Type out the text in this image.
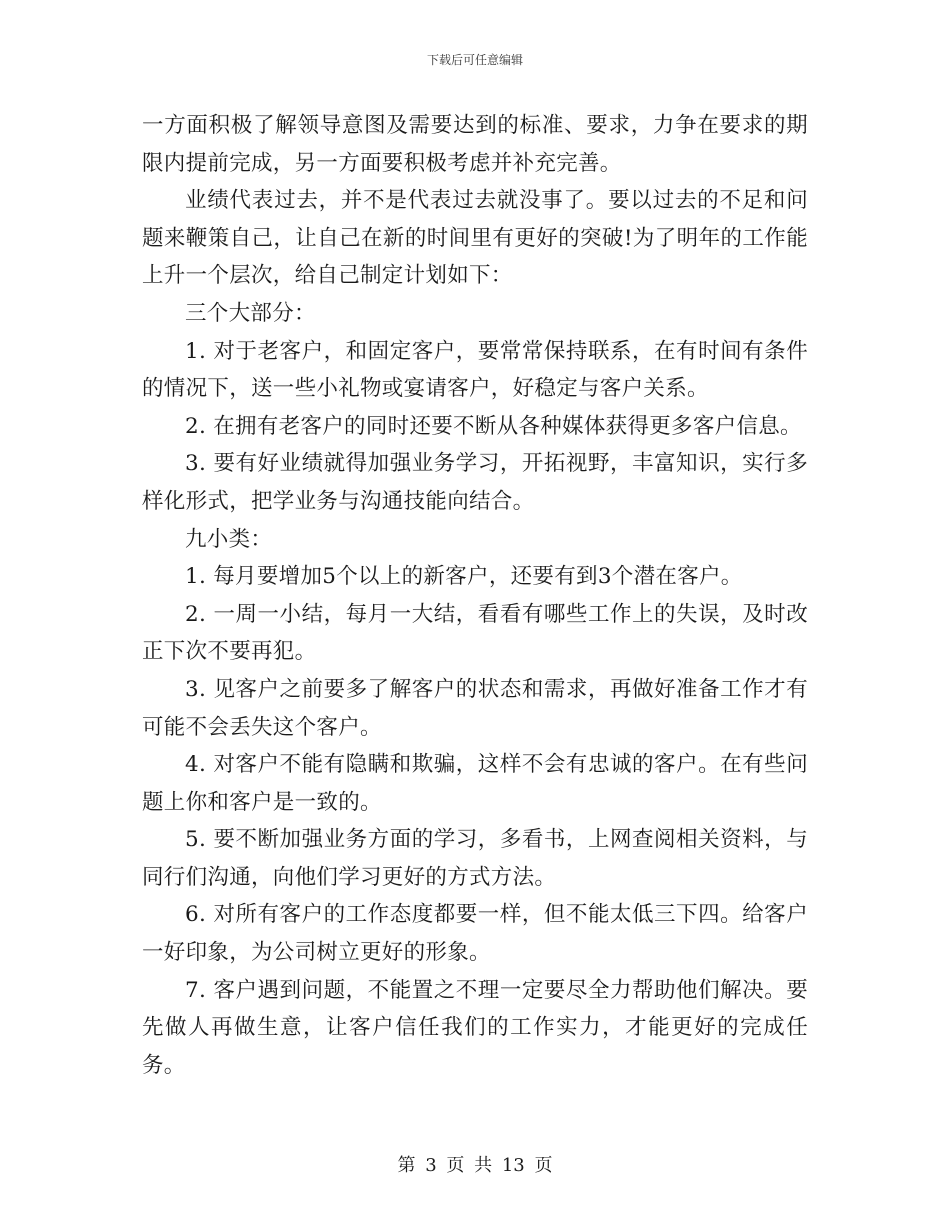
下载后可任意编辑

一方面积极了解领导意图及需要达到的标准、要求，力争在要求的期限内提前完成，另一方面要积极考虑并补充完善。

业绩代表过去，并不是代表过去就没事了。要以过去的不足和问题来鞭策自己，让自己在新的时间里有更好的突破!为了明年的工作能上升一个层次，给自己制定计划如下：

三个大部分：

1. 对于老客户，和固定客户，要常常保持联系，在有时间有条件的情况下，送一些小礼物或宴请客户，好稳定与客户关系。

2. 在拥有老客户的同时还要不断从各种媒体获得更多客户信息。

3. 要有好业绩就得加强业务学习，开拓视野，丰富知识，实行多样化形式，把学业务与沟通技能向结合。

九小类：

1. 每月要增加5个以上的新客户，还要有到3个潜在客户。

2. 一周一小结，每月一大结，看看有哪些工作上的失误，及时改正下次不要再犯。

3. 见客户之前要多了解客户的状态和需求，再做好准备工作才有可能不会丢失这个客户。

4. 对客户不能有隐瞒和欺骗，这样不会有忠诚的客户。在有些问题上你和客户是一致的。

5. 要不断加强业务方面的学习，多看书，上网查阅相关资料，与同行们沟通，向他们学习更好的方式方法。

6. 对所有客户的工作态度都要一样，但不能太低三下四。给客户一好印象，为公司树立更好的形象。

7. 客户遇到问题，不能置之不理一定要尽全力帮助他们解决。要先做人再做生意，让客户信任我们的工作实力，才能更好的完成任务。

第 3 页 共 13 页
